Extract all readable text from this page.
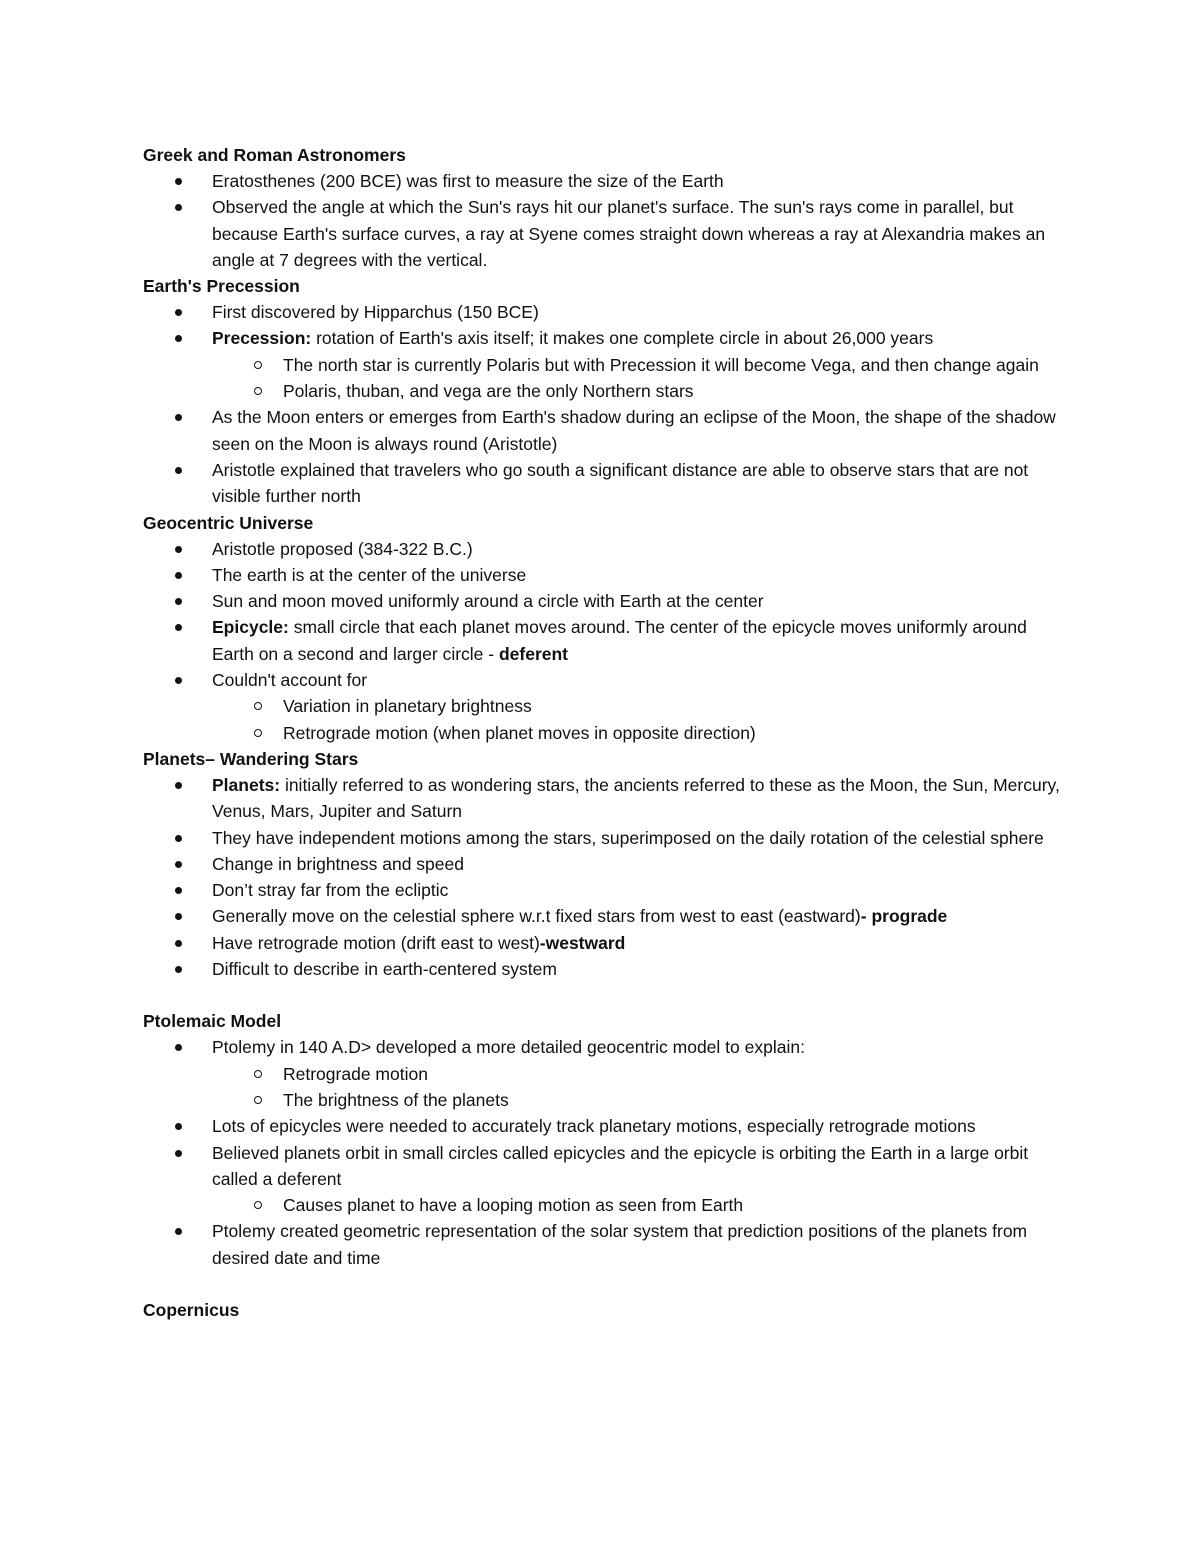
Greek and Roman Astronomers
Eratosthenes (200 BCE) was first to measure the size of the Earth
Observed the angle at which the Sun's rays hit our planet's surface. The sun's rays come in parallel, but because Earth's surface curves, a ray at Syene comes straight down whereas a ray at Alexandria makes an angle at 7 degrees with the vertical.
Earth's Precession
First discovered by Hipparchus (150 BCE)
Precession: rotation of Earth's axis itself; it makes one complete circle in about 26,000 years
The north star is currently Polaris but with Precession it will become Vega, and then change again
Polaris, thuban, and vega are the only Northern stars
As the Moon enters or emerges from Earth's shadow during an eclipse of the Moon, the shape of the shadow seen on the Moon is always round (Aristotle)
Aristotle explained that travelers who go south a significant distance are able to observe stars that are not visible further north
Geocentric Universe
Aristotle proposed (384-322 B.C.)
The earth is at the center of the universe
Sun and moon moved uniformly around a circle with Earth at the center
Epicycle: small circle that each planet moves around. The center of the epicycle moves uniformly around Earth on a second and larger circle - deferent
Couldn't account for
Variation in planetary brightness
Retrograde motion (when planet moves in opposite direction)
Planets– Wandering Stars
Planets: initially referred to as wondering stars, the ancients referred to these as the Moon, the Sun, Mercury, Venus, Mars, Jupiter and Saturn
They have independent motions among the stars, superimposed on the daily rotation of the celestial sphere
Change in brightness and speed
Don’t stray far from the ecliptic
Generally move on the celestial sphere w.r.t fixed stars from west to east (eastward)- prograde
Have retrograde motion (drift east to west)-westward
Difficult to describe in earth-centered system
Ptolemaic Model
Ptolemy in 140 A.D> developed a more detailed geocentric model to explain:
Retrograde motion
The brightness of the planets
Lots of epicycles were needed to accurately track planetary motions, especially retrograde motions
Believed planets orbit in small circles called epicycles and the epicycle is orbiting the Earth in a large orbit called a deferent
Causes planet to have a looping motion as seen from Earth
Ptolemy created geometric representation of the solar system that prediction positions of the planets from desired date and time
Copernicus
